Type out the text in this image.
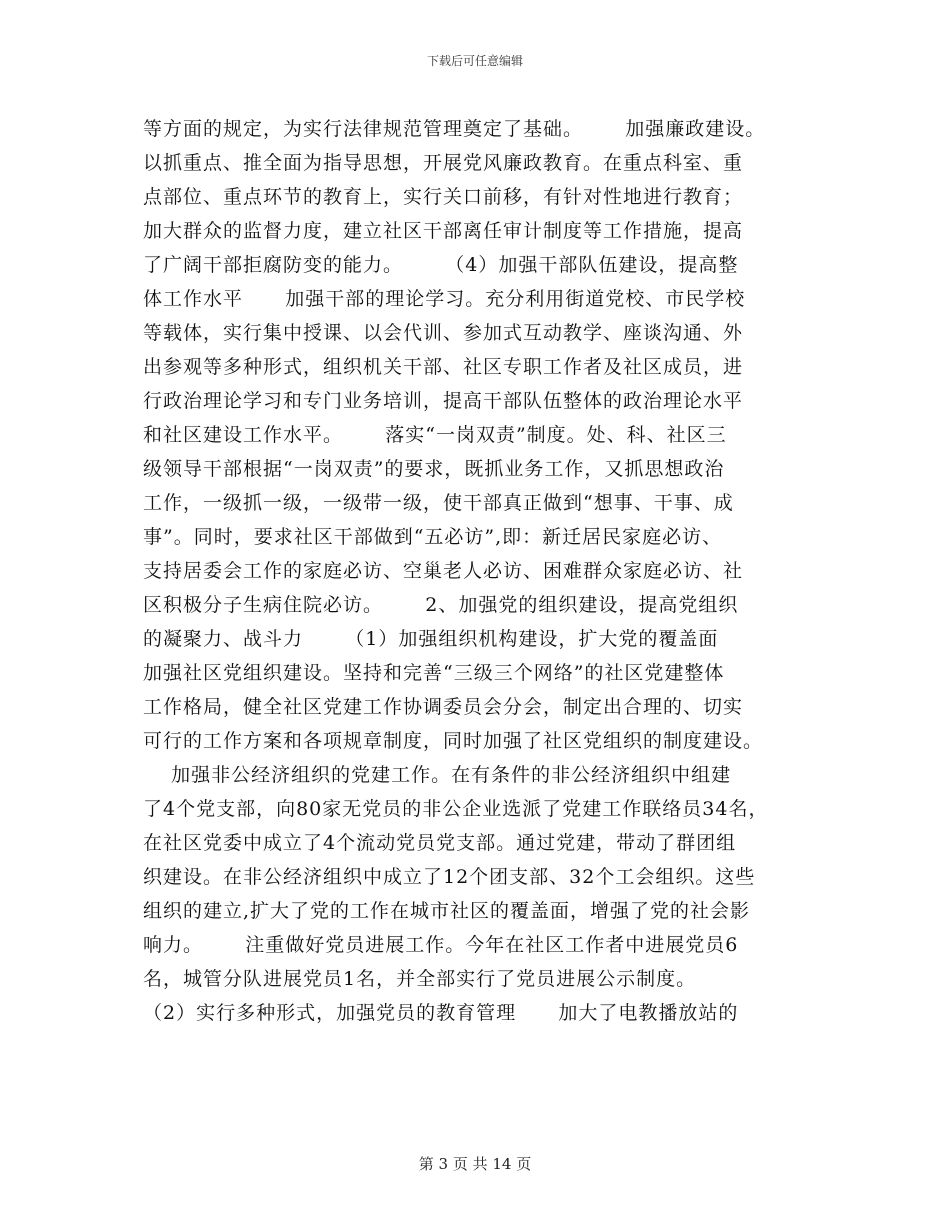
下载后可任意编辑
等方面的规定，为实行法律规范管理奠定了基础。      加强廉政建设。
以抓重点、推全面为指导思想，开展党风廉政教育。在重点科室、重
点部位、重点环节的教育上，实行关口前移，有针对性地进行教育；
加大群众的监督力度，建立社区干部离任审计制度等工作措施，提高
了广阔干部拒腐防变的能力。      （4）加强干部队伍建设，提高整
体工作水平      加强干部的理论学习。充分利用街道党校、市民学校
等载体，实行集中授课、以会代训、参加式互动教学、座谈沟通、外
出参观等多种形式，组织机关干部、社区专职工作者及社区成员，进
行政治理论学习和专门业务培训，提高干部队伍整体的政治理论水平
和社区建设工作水平。      落实“一岗双责”制度。处、科、社区三
级领导干部根据“一岗双责”的要求，既抓业务工作，又抓思想政治
工作，一级抓一级，一级带一级，使干部真正做到“想事、干事、成
事”。同时，要求社区干部做到“五必访”,即：新迁居民家庭必访、
支持居委会工作的家庭必访、空巢老人必访、困难群众家庭必访、社
区积极分子生病住院必访。      2、加强党的组织建设，提高党组织
的凝聚力、战斗力      （1）加强组织机构建设，扩大党的覆盖面
加强社区党组织建设。坚持和完善“三级三个网络”的社区党建整体
工作格局，健全社区党建工作协调委员会分会，制定出合理的、切实
可行的工作方案和各项规章制度，同时加强了社区党组织的制度建设。
加强非公经济组织的党建工作。在有条件的非公经济组织中组建
了4个党支部，向80家无党员的非公企业选派了党建工作联络员34名，
在社区党委中成立了4个流动党员党支部。通过党建，带动了群团组
织建设。在非公经济组织中成立了12个团支部、32个工会组织。这些
组织的建立,扩大了党的工作在城市社区的覆盖面，增强了党的社会影
响力。      注重做好党员进展工作。今年在社区工作者中进展党员6
名，城管分队进展党员1名，并全部实行了党员进展公示制度。
（2）实行多种形式，加强党员的教育管理      加大了电教播放站的
第 3 页 共 14 页
